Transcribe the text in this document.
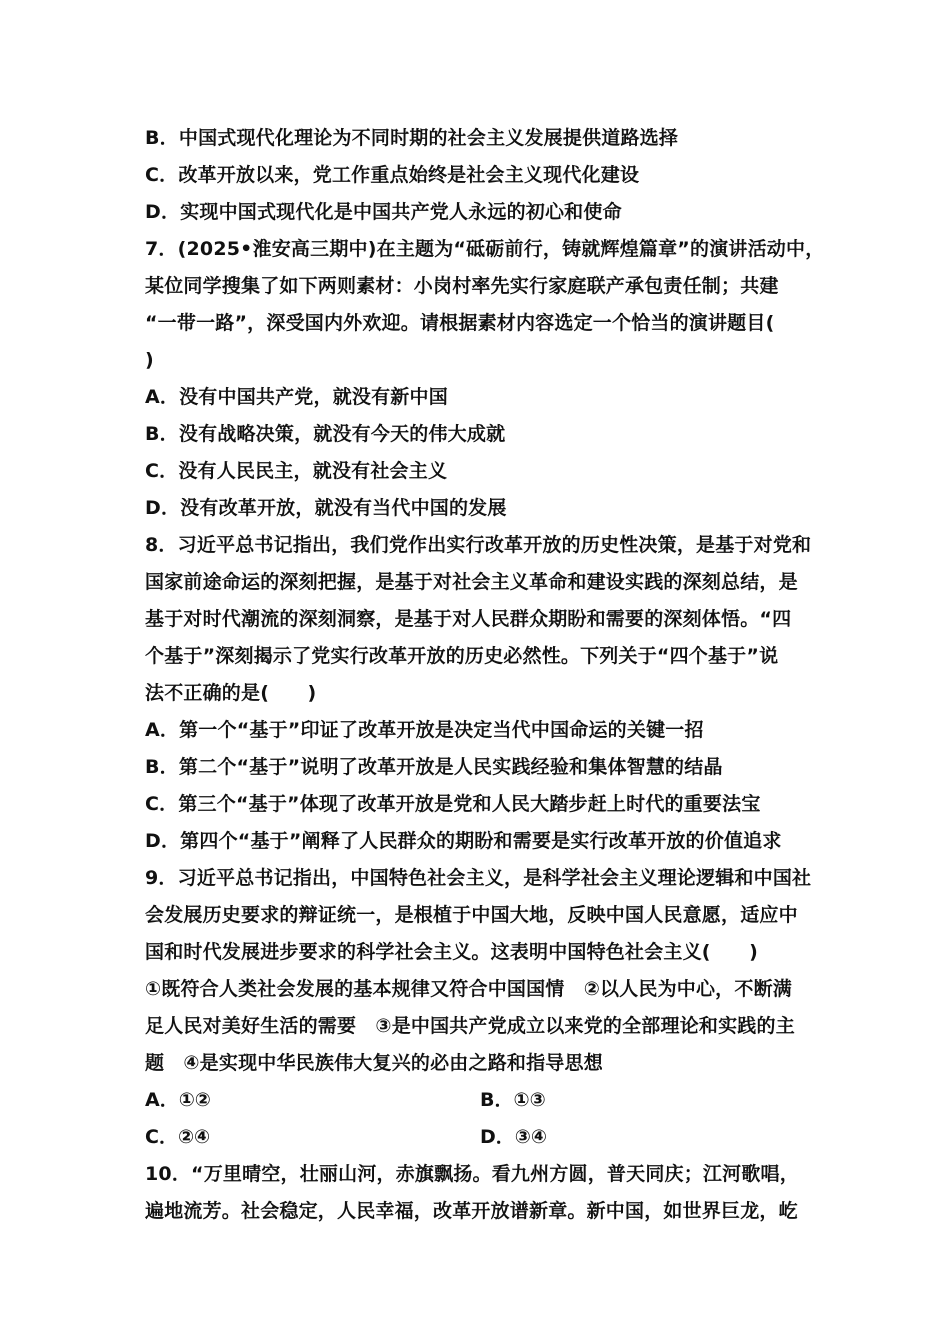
B．中国式现代化理论为不同时期的社会主义发展提供道路选择
C．改革开放以来，党工作重点始终是社会主义现代化建设
D．实现中国式现代化是中国共产党人永远的初心和使命
7．(2025•淮安高三期中)在主题为“砥砺前行，铸就辉煌篇章”的演讲活动中，
某位同学搜集了如下两则素材：小岗村率先实行家庭联产承包责任制；共建
“一带一路”，深受国内外欢迎。请根据素材内容选定一个恰当的演讲题目(
)
A．没有中国共产党，就没有新中国
B．没有战略决策，就没有今天的伟大成就
C．没有人民民主，就没有社会主义
D．没有改革开放，就没有当代中国的发展
8．习近平总书记指出，我们党作出实行改革开放的历史性决策，是基于对党和
国家前途命运的深刻把握，是基于对社会主义革命和建设实践的深刻总结，是
基于对时代潮流的深刻洞察，是基于对人民群众期盼和需要的深刻体悟。“四
个基于”深刻揭示了党实行改革开放的历史必然性。下列关于“四个基于”说
法不正确的是(　　)
A．第一个“基于”印证了改革开放是决定当代中国命运的关键一招
B．第二个“基于”说明了改革开放是人民实践经验和集体智慧的结晶
C．第三个“基于”体现了改革开放是党和人民大踏步赶上时代的重要法宝
D．第四个“基于”阐释了人民群众的期盼和需要是实行改革开放的价值追求
9．习近平总书记指出，中国特色社会主义，是科学社会主义理论逻辑和中国社
会发展历史要求的辩证统一，是根植于中国大地，反映中国人民意愿，适应中
国和时代发展进步要求的科学社会主义。这表明中国特色社会主义(　　)
①既符合人类社会发展的基本规律又符合中国国情　②以人民为中心，不断满
足人民对美好生活的需要　③是中国共产党成立以来党的全部理论和实践的主
题　④是实现中华民族伟大复兴的必由之路和指导思想
A．①②	B．①③
C．②④	D．③④
10．“万里晴空，壮丽山河，赤旗飘扬。看九州方圆，普天同庆；江河歌唱，
遍地流芳。社会稳定，人民幸福，改革开放谱新章。新中国，如世界巨龙，屹
